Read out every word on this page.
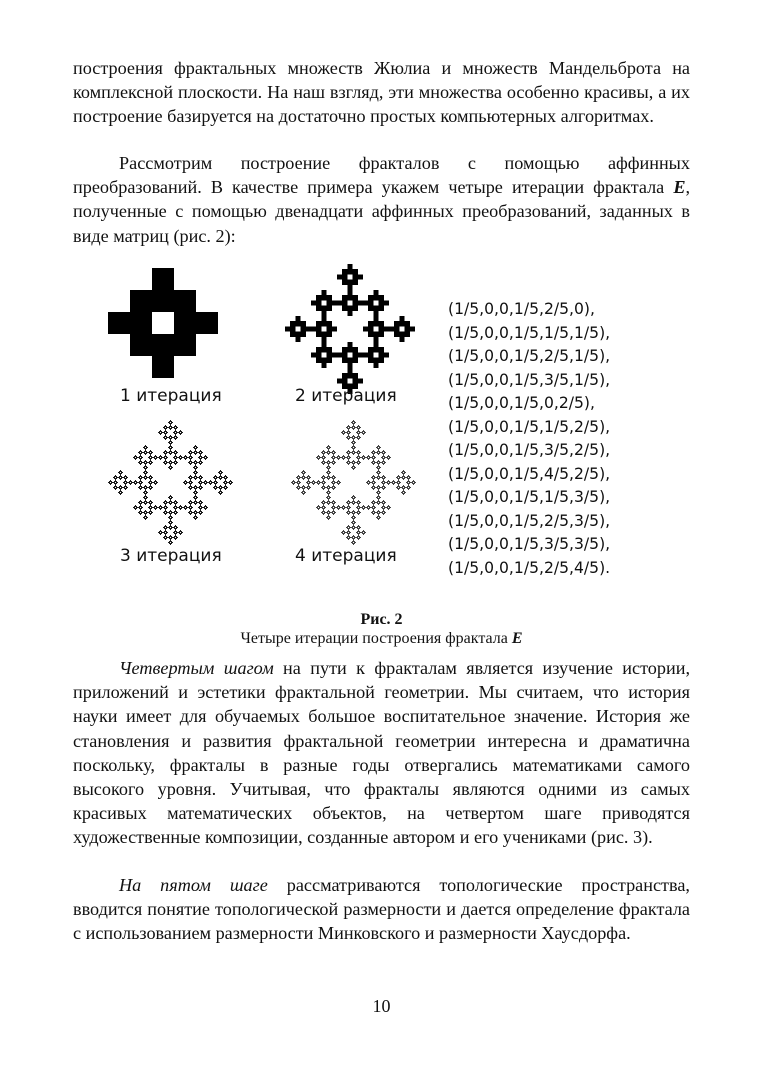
построения фрактальных множеств Жюлиа и множеств Мандельброта на комплексной плоскости. На наш взгляд, эти множества особенно красивы, а их построение базируется на достаточно простых компьютерных алгоритмах.

Рассмотрим построение фракталов с помощью аффинных преобразований. В качестве примера укажем четыре итерации фрактала E, полученные с помощью двенадцати аффинных преобразований, заданных в виде матриц (рис. 2):

1 итерация	2 итерация
3 итерация	4 итерация
(1/5,0,0,1/5,2/5,0),
(1/5,0,0,1/5,1/5,1/5),
(1/5,0,0,1/5,2/5,1/5),
(1/5,0,0,1/5,3/5,1/5),
(1/5,0,0,1/5,0,2/5),
(1/5,0,0,1/5,1/5,2/5),
(1/5,0,0,1/5,3/5,2/5),
(1/5,0,0,1/5,4/5,2/5),
(1/5,0,0,1/5,1/5,3/5),
(1/5,0,0,1/5,2/5,3/5),
(1/5,0,0,1/5,3/5,3/5),
(1/5,0,0,1/5,2/5,4/5).
Рис. 2
Четыре итерации построения фрактала E

Четвертым шагом на пути к фракталам является изучение истории, приложений и эстетики фрактальной геометрии. Мы считаем, что история науки имеет для обучаемых большое воспитательное значение. История же становления и развития фрактальной геометрии интересна и драматична поскольку, фракталы в разные годы отвергались математиками самого высокого уровня. Учитывая, что фракталы являются одними из самых красивых математических объектов, на четвертом шаге приводятся художественные композиции, созданные автором и его учениками (рис. 3).

На пятом шаге рассматриваются топологические пространства, вводится понятие топологической размерности и дается определение фрактала с использованием размерности Минковского и размерности Хаусдорфа.

10
